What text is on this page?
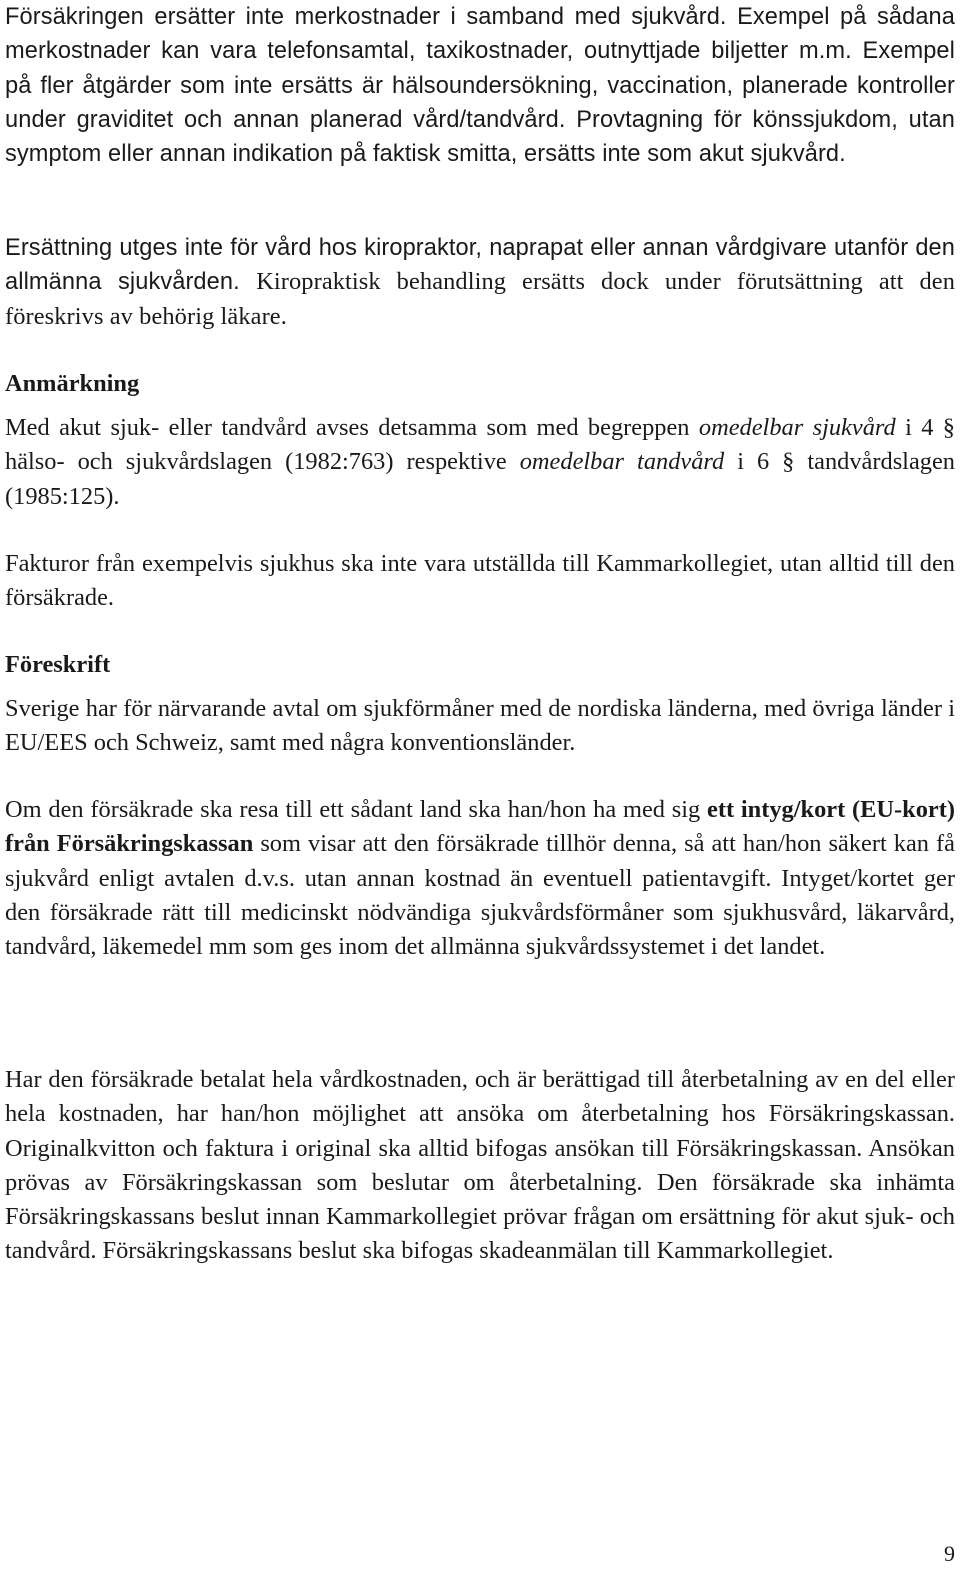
Försäkringen ersätter inte merkostnader i samband med sjukvård. Exempel på sådana merkostnader kan vara telefonsamtal, taxikostnader, outnyttjade biljetter m.m. Exempel på fler åtgärder som inte ersätts är hälsoundersökning, vaccination, planerade kontroller under graviditet och annan planerad vård/tandvård. Provtagning för könssjukdom, utan symptom eller annan indikation på faktisk smitta, ersätts inte som akut sjukvård.

Ersättning utges inte för vård hos kiropraktor, naprapat eller annan vårdgivare utanför den allmänna sjukvården. Kiropraktisk behandling ersätts dock under förutsättning att den föreskrivs av behörig läkare.

Anmärkning

Med akut sjuk- eller tandvård avses detsamma som med begreppen omedelbar sjukvård i 4 § hälso- och sjukvårdslagen (1982:763) respektive omedelbar tandvård i 6 § tandvårdslagen (1985:125).

Fakturor från exempelvis sjukhus ska inte vara utställda till Kammarkollegiet, utan alltid till den försäkrade.

Föreskrift

Sverige har för närvarande avtal om sjukförmåner med de nordiska länderna, med övriga länder i EU/EES och Schweiz, samt med några konventionsländer.

Om den försäkrade ska resa till ett sådant land ska han/hon ha med sig ett intyg/kort (EU-kort) från Försäkringskassan som visar att den försäkrade tillhör denna, så att han/hon säkert kan få sjukvård enligt avtalen d.v.s. utan annan kostnad än eventuell patientavgift. Intyget/kortet ger den försäkrade rätt till medicinskt nödvändiga sjukvårdsförmåner som sjukhusvård, läkarvård, tandvård, läkemedel mm som ges inom det allmänna sjukvårdssystemet i det landet.

Har den försäkrade betalat hela vårdkostnaden, och är berättigad till återbetalning av en del eller hela kostnaden, har han/hon möjlighet att ansöka om återbetalning hos Försäkringskassan. Originalkvitton och faktura i original ska alltid bifogas ansökan till Försäkringskassan. Ansökan prövas av Försäkringskassan som beslutar om återbetalning. Den försäkrade ska inhämta Försäkringskassans beslut innan Kammarkollegiet prövar frågan om ersättning för akut sjuk- och tandvård. Försäkringskassans beslut ska bifogas skadeanmälan till Kammarkollegiet.

9
